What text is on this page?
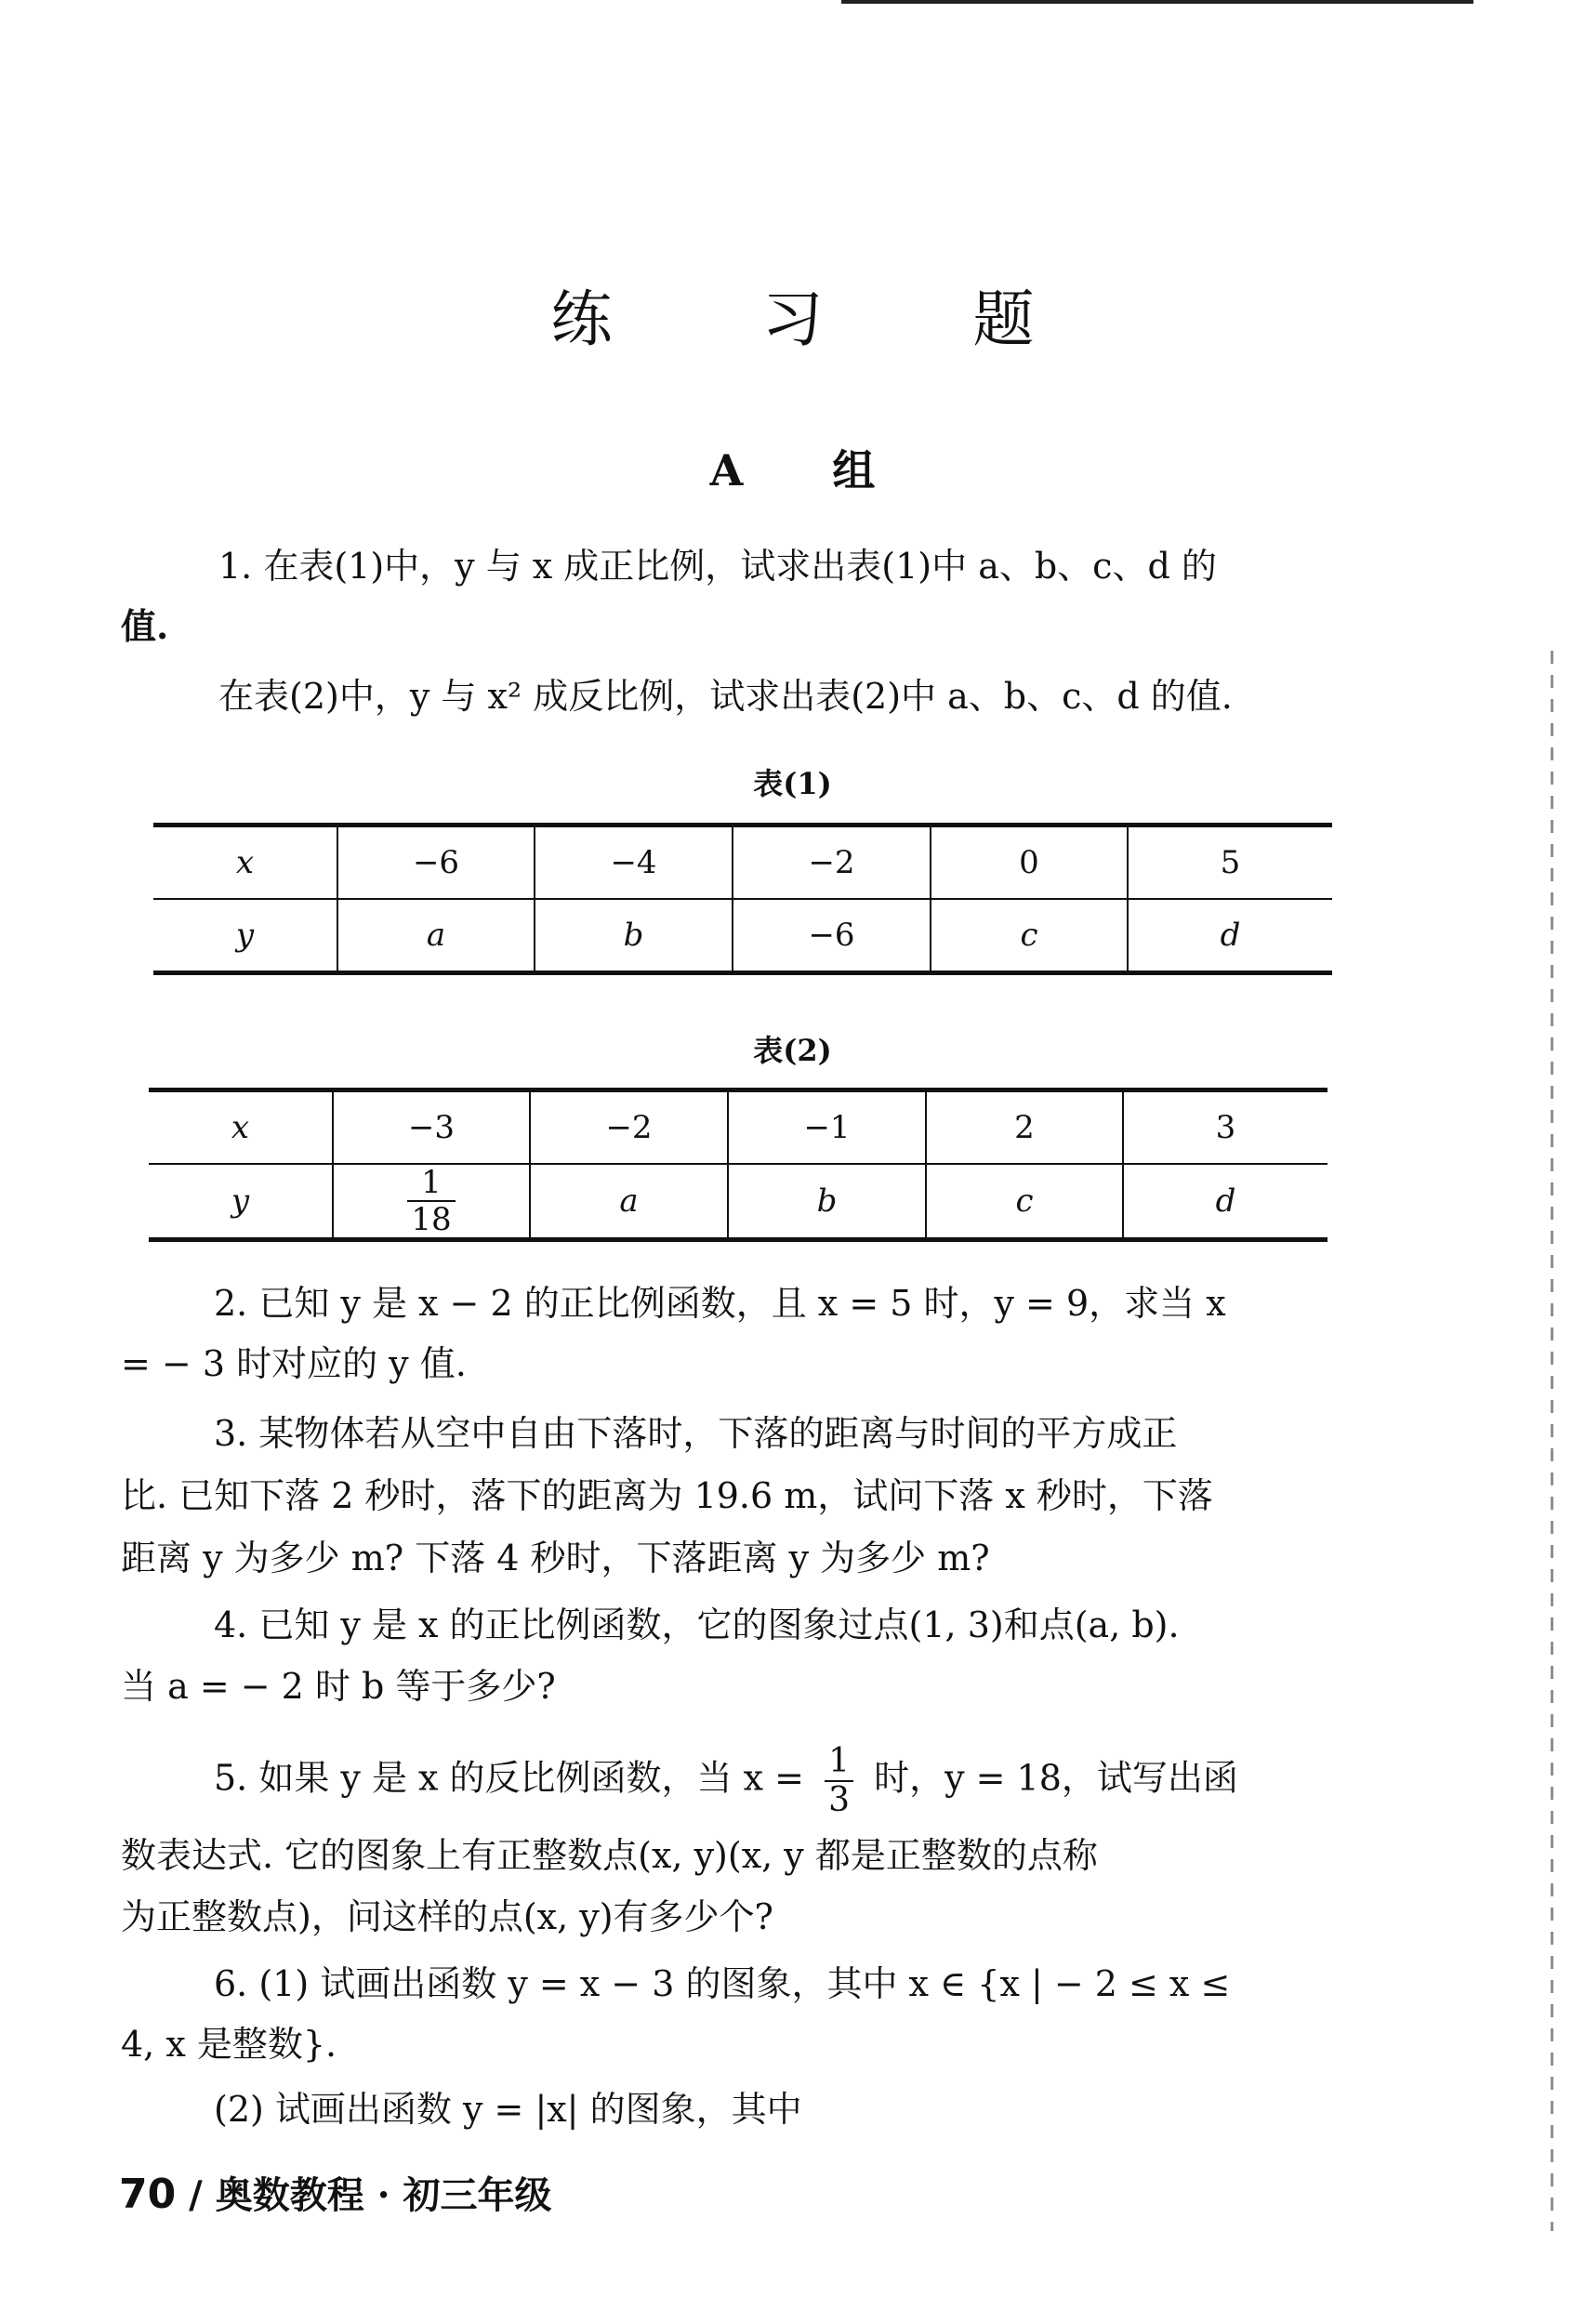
练 习 题
A 组
1. 在表(1)中，y 与 x 成正比例，试求出表(1)中 a、b、c、d 的
值.
在表(2)中，y 与 x² 成反比例，试求出表(2)中 a、b、c、d 的值.
表(1)
x	−6	−4	−2	0	5
y	a	b	−6	c	d
表(2)
x	−3	−2	−1	2	3
y	$\frac{1}{18}$	a	b	c	d
2. 已知 y 是 x − 2 的正比例函数，且 x = 5 时，y = 9，求当 x
= − 3 时对应的 y 值.
3. 某物体若从空中自由下落时，下落的距离与时间的平方成正
比. 已知下落 2 秒时，落下的距离为 19.6 m，试问下落 x 秒时，下落
距离 y 为多少 m? 下落 4 秒时，下落距离 y 为多少 m?
4. 已知 y 是 x 的正比例函数，它的图象过点(1, 3)和点(a, b).
当 a = − 2 时 b 等于多少?
5. 如果 y 是 x 的反比例函数，当 $x = \frac{1}{3}$ 时，y = 18，试写出函
数表达式. 它的图象上有正整数点(x, y)(x, y 都是正整数的点称
为正整数点)，问这样的点(x, y)有多少个?
6. (1) 试画出函数 y = x − 3 的图象，其中 x ∈ {x | − 2 ≤ x ≤
4, x 是整数}.
(2) 试画出函数 y = |x| 的图象，其中
70 / 奥数教程 · 初三年级
